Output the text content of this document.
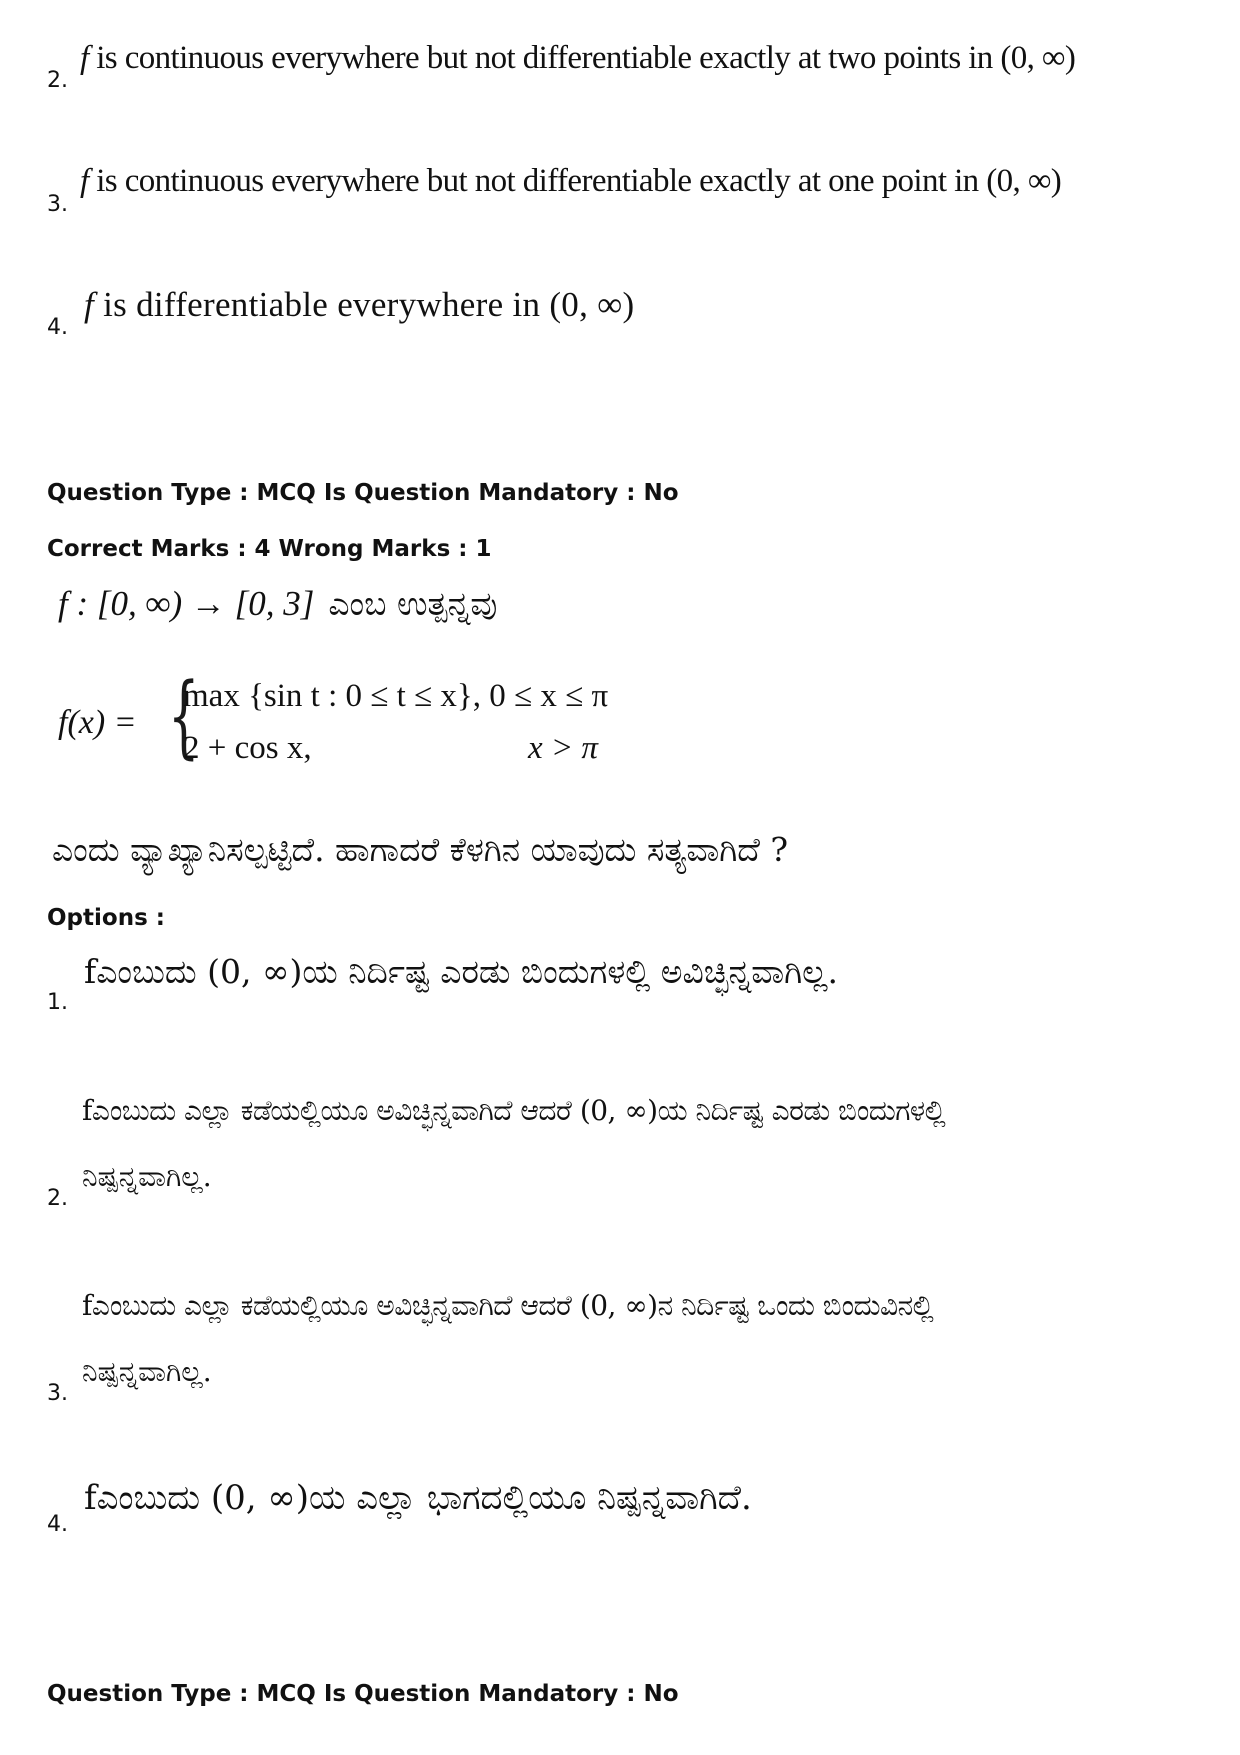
2.
f is continuous everywhere but not differentiable exactly at two points in (0, ∞)
3.
f is continuous everywhere but not differentiable exactly at one point in (0, ∞)
4.
f is differentiable everywhere in (0, ∞)
Question Type : MCQ Is Question Mandatory : No
Correct Marks : 4 Wrong Marks : 1
f : [0, ∞) → [0, 3] ಎಂಬ ಉತ್ಪನ್ನವು
f(x) = {
max {sin t : 0 ≤ t ≤ x}, 0 ≤ x ≤ π
2 + cos x,	x > π
ಎಂದು ವ್ಯಾಖ್ಯಾನಿಸಲ್ಪಟ್ಟಿದೆ. ಹಾಗಾದರೆ ಕೆಳಗಿನ ಯಾವುದು ಸತ್ಯವಾಗಿದೆ ?
Options :
1.
fಎಂಬುದು (0, ∞)ಯ ನಿರ್ದಿಷ್ಟ ಎರಡು ಬಿಂದುಗಳಲ್ಲಿ ಅವಿಚ್ಛಿನ್ನವಾಗಿಲ್ಲ.
2.
fಎಂಬುದು ಎಲ್ಲಾ ಕಡೆಯಲ್ಲಿಯೂ ಅವಿಚ್ಛಿನ್ನವಾಗಿದೆ ಆದರೆ (0, ∞)ಯ ನಿರ್ದಿಷ್ಟ ಎರಡು ಬಿಂದುಗಳಲ್ಲಿ
ನಿಷ್ಪನ್ನವಾಗಿಲ್ಲ.
3.
fಎಂಬುದು ಎಲ್ಲಾ ಕಡೆಯಲ್ಲಿಯೂ ಅವಿಚ್ಛಿನ್ನವಾಗಿದೆ ಆದರೆ (0, ∞)ನ ನಿರ್ದಿಷ್ಟ ಒಂದು ಬಿಂದುವಿನಲ್ಲಿ
ನಿಷ್ಪನ್ನವಾಗಿಲ್ಲ.
4.
fಎಂಬುದು (0, ∞)ಯ ಎಲ್ಲಾ ಭಾಗದಲ್ಲಿಯೂ ನಿಷ್ಪನ್ನವಾಗಿದೆ.
Question Type : MCQ Is Question Mandatory : No
